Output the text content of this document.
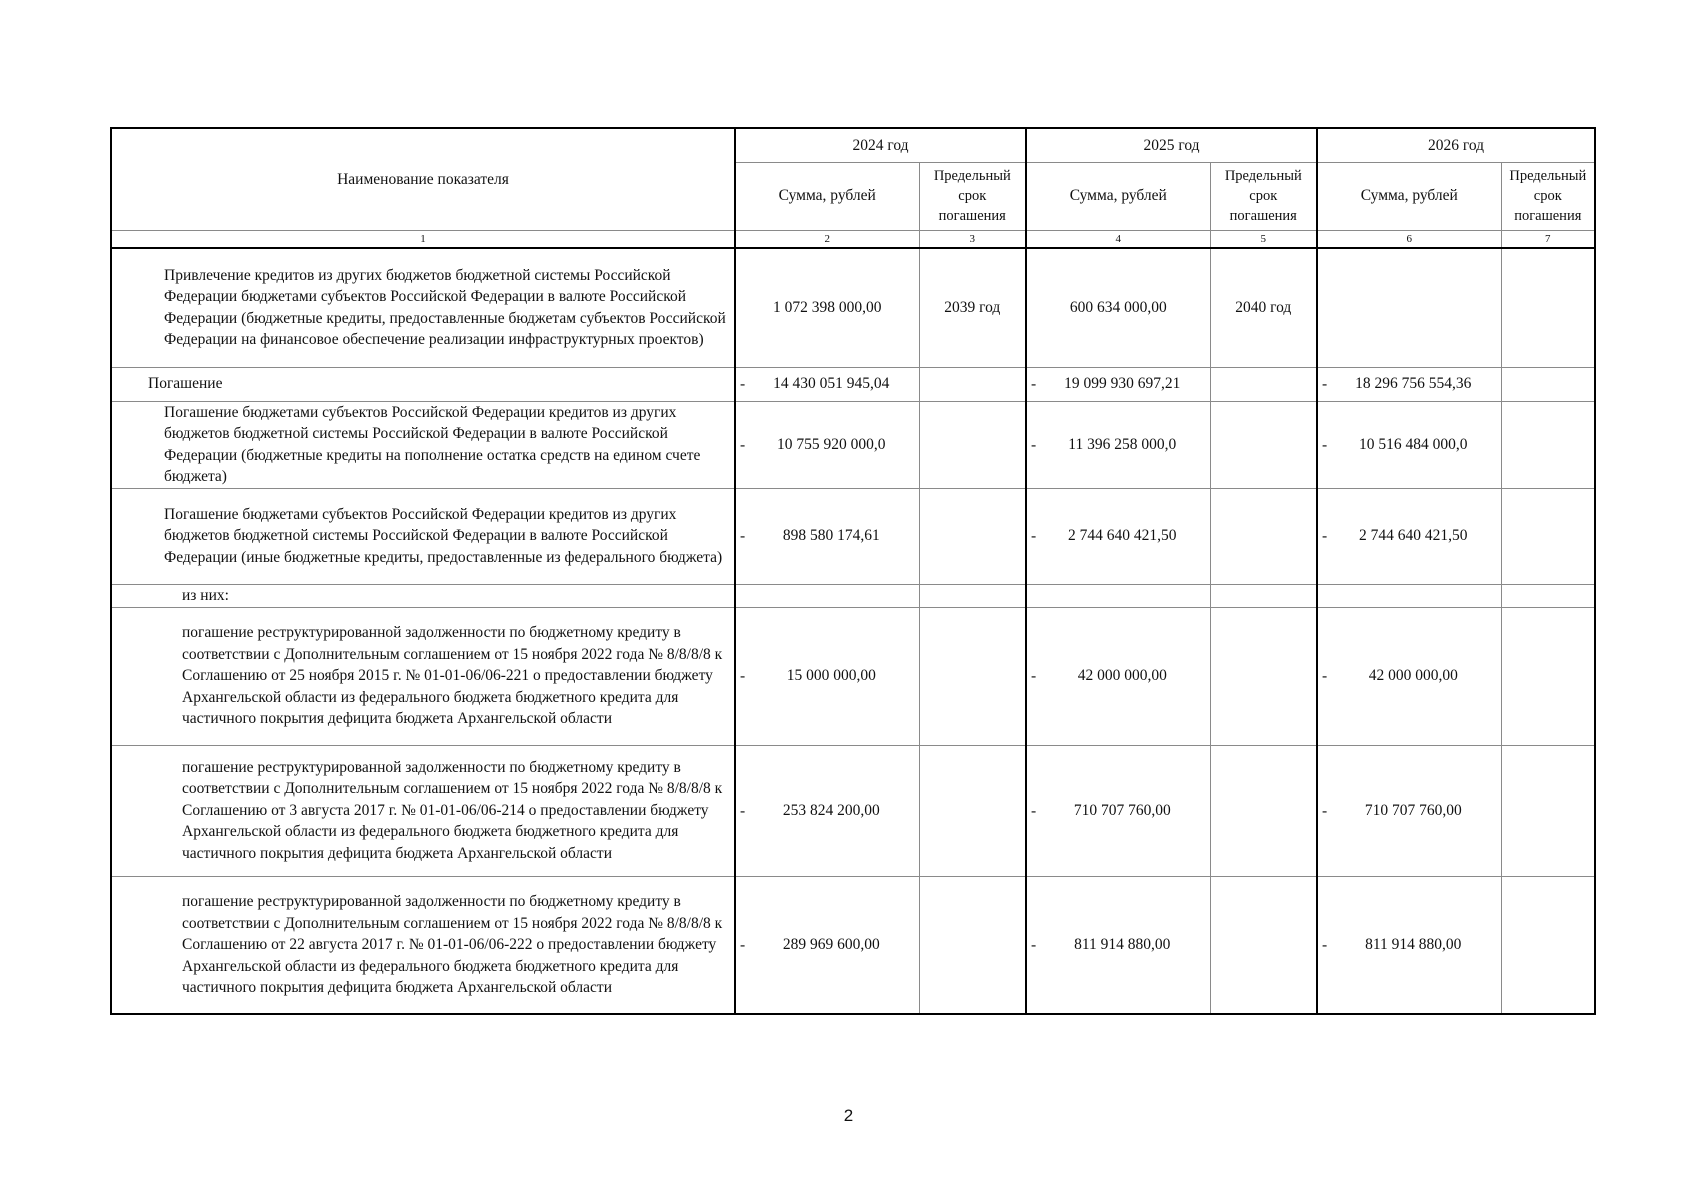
Наименование показателя	2024 год		2025 год		2026 год	
	Сумма, рублей	Предельный срок погашения	Сумма, рублей	Предельный срок погашения	Сумма, рублей	Предельный срок погашения
1	2	3	4	5	6	7
Привлечение кредитов из других бюджетов бюджетной системы Российской Федерации бюджетами субъектов Российской Федерации в валюте Российской Федерации (бюджетные кредиты, предоставленные бюджетам субъектов Российской Федерации на финансовое обеспечение реализации инфраструктурных проектов)	1 072 398 000,00	2039 год	600 634 000,00	2040 год		
Погашение	- 14 430 051 945,04		- 19 099 930 697,21		- 18 296 756 554,36	
Погашение бюджетами субъектов Российской Федерации кредитов из других бюджетов бюджетной системы Российской Федерации в валюте Российской Федерации (бюджетные кредиты на пополнение остатка средств на едином счете бюджета)	- 10 755 920 000,0		- 11 396 258 000,0		- 10 516 484 000,0	
Погашение бюджетами субъектов Российской Федерации кредитов из других бюджетов бюджетной системы Российской Федерации в валюте Российской Федерации (иные бюджетные кредиты, предоставленные из федерального бюджета)	- 898 580 174,61		- 2 744 640 421,50		- 2 744 640 421,50	
из них:						
погашение реструктурированной задолженности по бюджетному кредиту в соответствии с Дополнительным соглашением от 15 ноября 2022 года № 8/8/8/8 к Соглашению от 25 ноября 2015 г. № 01-01-06/06-221 о предоставлении бюджету Архангельской области из федерального бюджета бюджетного кредита для частичного покрытия дефицита бюджета Архангельской области	- 15 000 000,00		- 42 000 000,00		- 42 000 000,00	
погашение реструктурированной задолженности по бюджетному кредиту в соответствии с Дополнительным соглашением от 15 ноября 2022 года № 8/8/8/8 к Соглашению от 3 августа 2017 г. № 01-01-06/06-214 о предоставлении бюджету Архангельской области из федерального бюджета бюджетного кредита для частичного покрытия дефицита бюджета Архангельской области	- 253 824 200,00		- 710 707 760,00		- 710 707 760,00	
погашение реструктурированной задолженности по бюджетному кредиту в соответствии с Дополнительным соглашением от 15 ноября 2022 года № 8/8/8/8 к Соглашению от 22 августа 2017 г. № 01-01-06/06-222 о предоставлении бюджету Архангельской области из федерального бюджета бюджетного кредита для частичного покрытия дефицита бюджета Архангельской области	- 289 969 600,00		- 811 914 880,00		- 811 914 880,00	
2
